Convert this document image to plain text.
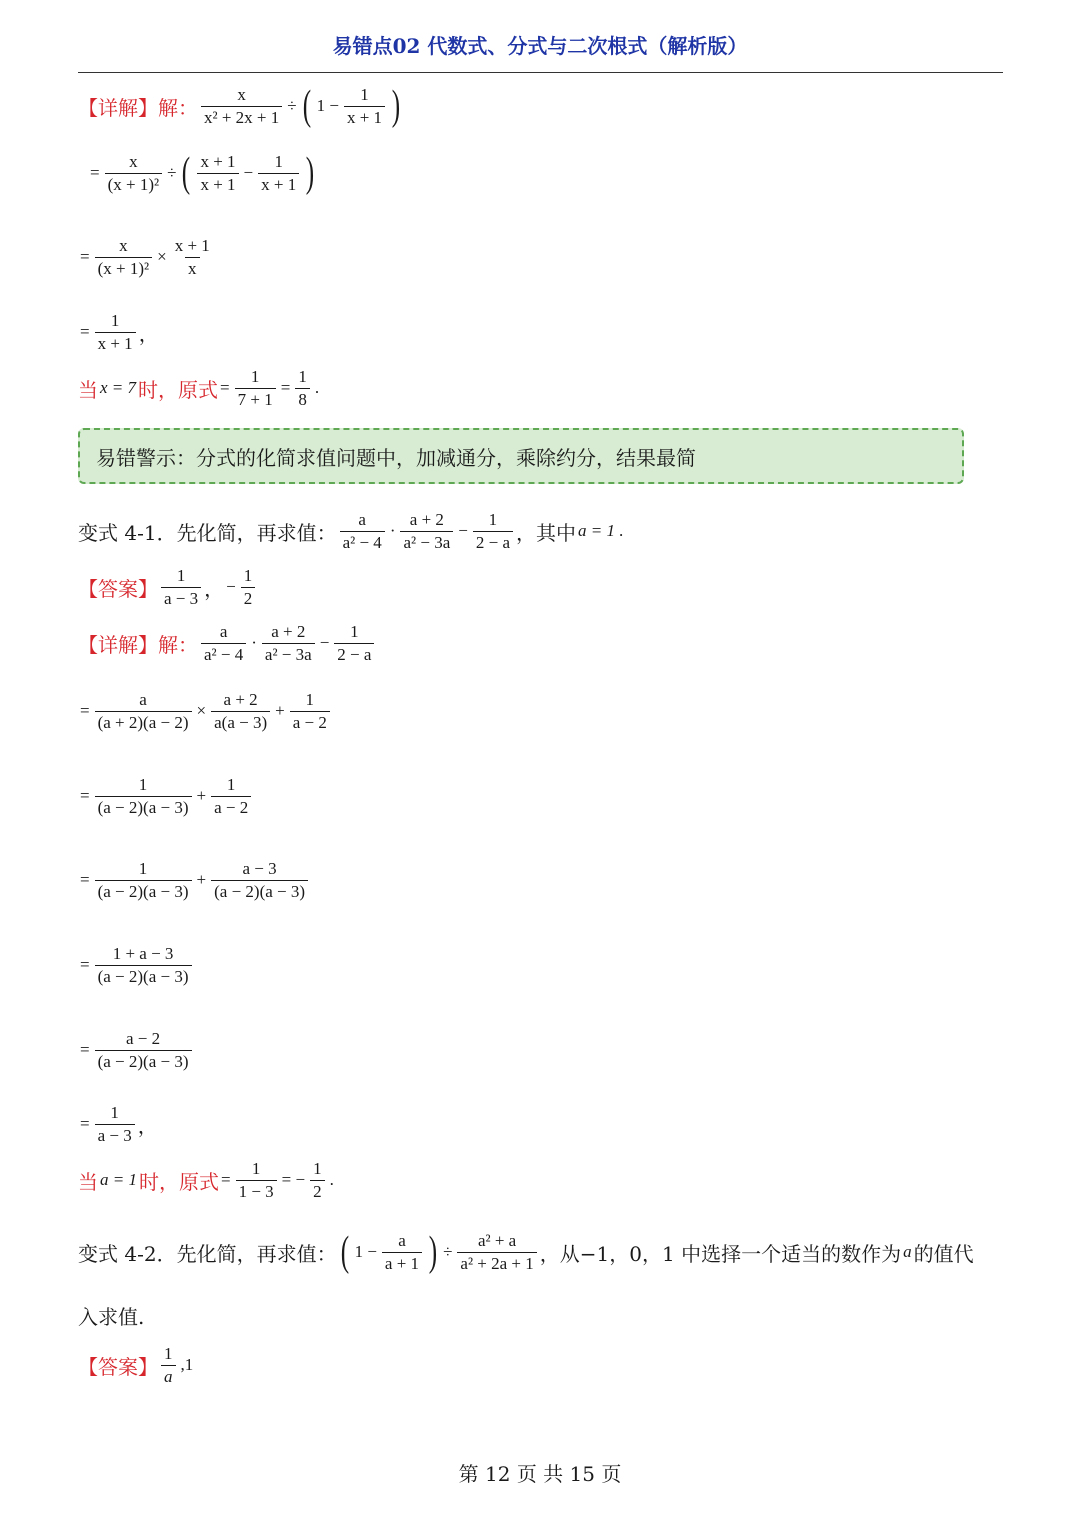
易错点02 代数式、分式与二次根式（解析版）
【详解】 解： $\frac{x}{\text{x² + 2x + 1}}$ ÷ ( $1 - \frac{1}{x + 1}$ )
= $\frac{x}{\text{(x + 1)²}}$ ÷ ( $\frac{x + 1}{x + 1} - \frac{1}{x + 1}$ )
= $\frac{x}{\text{(x + 1)²}} \times \frac{x + 1}{x}$
= $\frac{1}{x + 1}$ ，
当 x = 7 时，原式 = $\frac{1}{7 + 1} = \frac{1}{8}$ .
易错警示：分式的化简求值问题中，加减通分，乘除约分，结果最简
变式 4-1．先化简，再求值： $\frac{a}{\text{a² − 4}} \cdot \frac{a + 2}{\text{a² − 3a}} - \frac{1}{2 - a}$ ，其中 a = 1 .
【答案】 $\frac{1}{a - 3}$ ， − $\frac{1}{2}$
【详解】 解： $\frac{a}{\text{a² − 4}} \cdot \frac{a + 2}{\text{a² − 3a}} - \frac{1}{2 - a}$
= $\frac{a}{(a + 2)(a - 2)} \times \frac{a + 2}{a(a - 3)} + \frac{1}{a - 2}$
= $\frac{1}{(a - 2)(a - 3)} + \frac{1}{a - 2}$
= $\frac{1}{(a - 2)(a - 3)} + \frac{a - 3}{(a - 2)(a - 3)}$
= $\frac{1 + a - 3}{(a - 2)(a - 3)}$
= $\frac{a - 2}{(a - 2)(a - 3)}$
= $\frac{1}{a - 3}$ ，
当 a = 1 时，原式 = $\frac{1}{1 - 3}$ = − $\frac{1}{2}$ .
变式 4-2．先化简，再求值： ( $1 - \frac{a}{a + 1}$ ) ÷ $\frac{\text{a² + a}}{\text{a² + 2a + 1}}$ ，从−1，0，1 中选择一个适当的数作为 a 的值代
入求值.
【答案】 $\frac{1}{a} ,1$
第 12 页 共 15 页
